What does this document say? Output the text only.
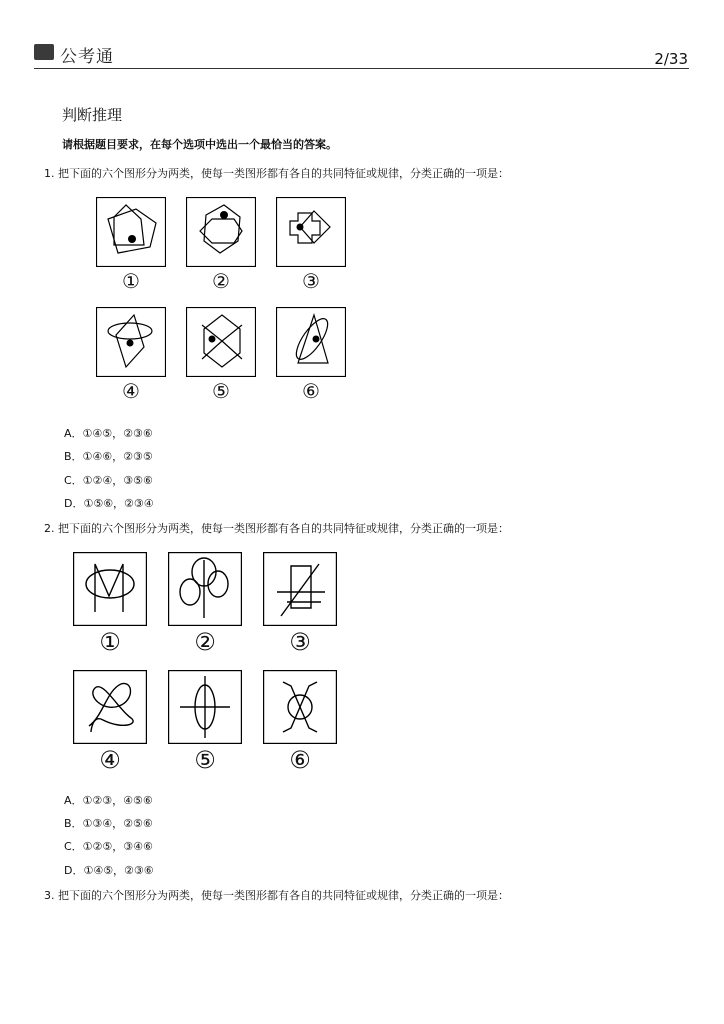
公考通	2/33
判断推理
请根据题目要求，在每个选项中选出一个最恰当的答案。
1. 把下面的六个图形分为两类，使每一类图形都有各自的共同特征或规律，分类正确的一项是：
①	②	③
④	⑤	⑥
A．①④⑤，②③⑥
B．①④⑥，②③⑤
C．①②④，③⑤⑥
D．①⑤⑥，②③④
2. 把下面的六个图形分为两类，使每一类图形都有各自的共同特征或规律，分类正确的一项是：
①	②	③
④	⑤	⑥
A．①②③，④⑤⑥
B．①③④，②⑤⑥
C．①②⑤，③④⑥
D．①④⑤，②③⑥
3. 把下面的六个图形分为两类，使每一类图形都有各自的共同特征或规律，分类正确的一项是：
